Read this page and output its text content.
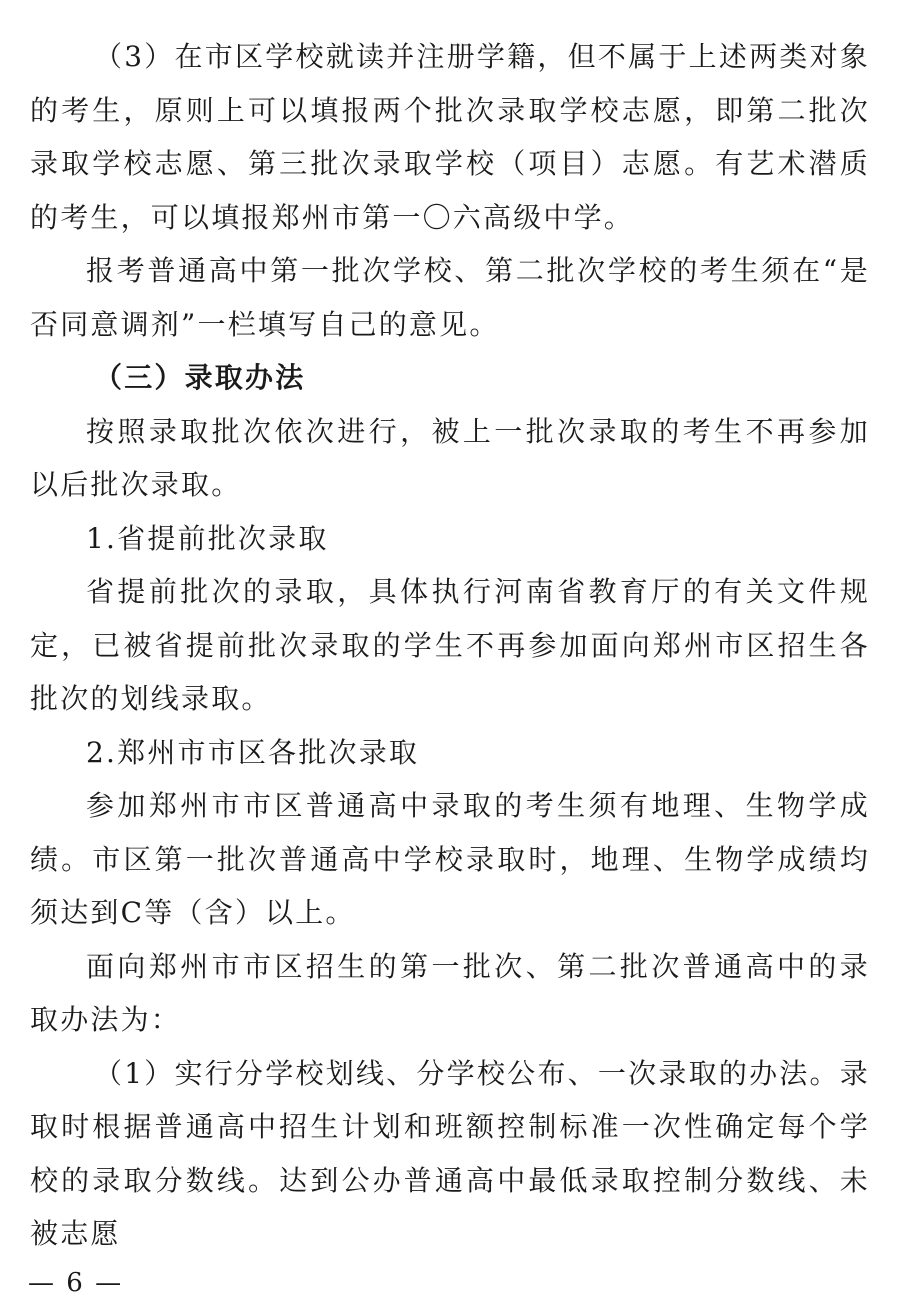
（3）在市区学校就读并注册学籍，但不属于上述两类对象的考生，原则上可以填报两个批次录取学校志愿，即第二批次录取学校志愿、第三批次录取学校（项目）志愿。有艺术潜质的考生，可以填报郑州市第一〇六高级中学。

报考普通高中第一批次学校、第二批次学校的考生须在“是否同意调剂”一栏填写自己的意见。

（三）录取办法

按照录取批次依次进行，被上一批次录取的考生不再参加以后批次录取。

1.省提前批次录取

省提前批次的录取，具体执行河南省教育厅的有关文件规定，已被省提前批次录取的学生不再参加面向郑州市区招生各批次的划线录取。

2.郑州市市区各批次录取

参加郑州市市区普通高中录取的考生须有地理、生物学成绩。市区第一批次普通高中学校录取时，地理、生物学成绩均须达到C等（含）以上。

面向郑州市市区招生的第一批次、第二批次普通高中的录取办法为：

（1）实行分学校划线、分学校公布、一次录取的办法。录取时根据普通高中招生计划和班额控制标准一次性确定每个学校的录取分数线。达到公办普通高中最低录取控制分数线、未被志愿

— 6 —
